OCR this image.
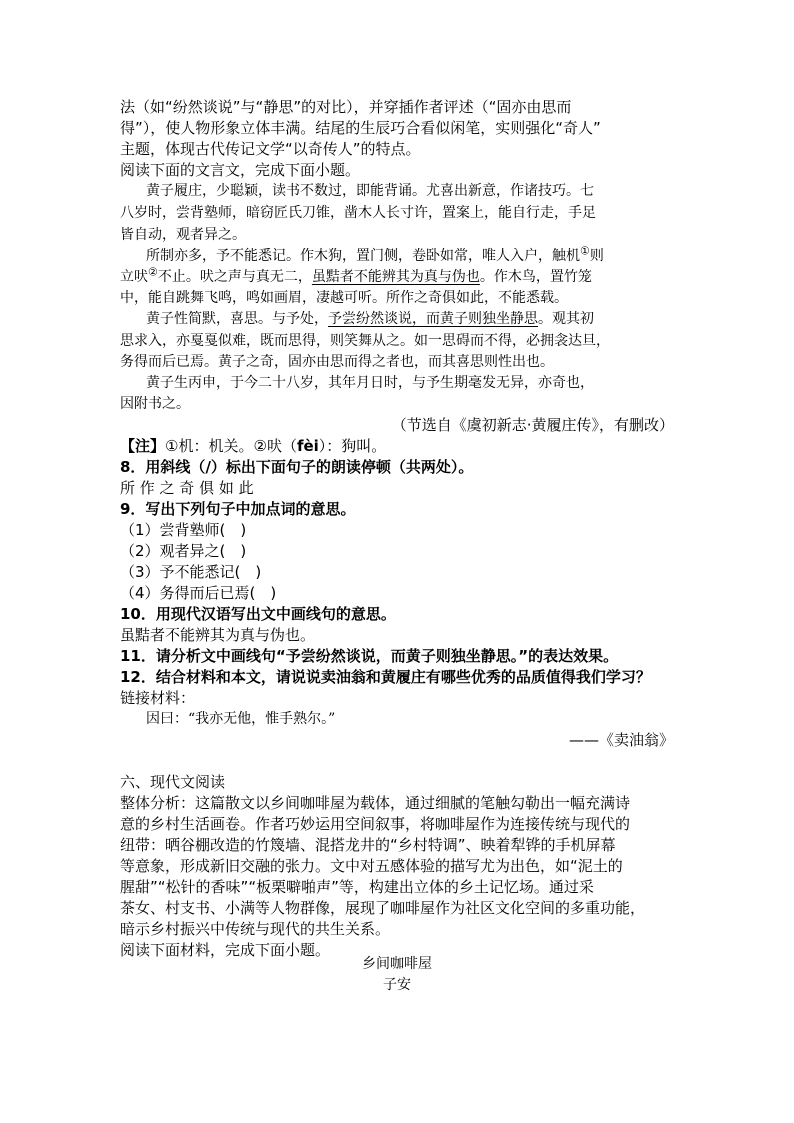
法（如“纷然谈说”与“静思”的对比），并穿插作者评述（“固亦由思而
得”），使人物形象立体丰满。结尾的生辰巧合看似闲笔，实则强化“奇人”
主题，体现古代传记文学“以奇传人”的特点。
阅读下面的文言文，完成下面小题。
黄子履庄，少聪颖，读书不数过，即能背诵。尤喜出新意，作诸技巧。七
八岁时，尝背塾师，暗窃匠氏刀锥，凿木人长寸许，置案上，能自行走，手足
皆自动，观者异之。
所制亦多，予不能悉记。作木狗，置门侧，卷卧如常，唯人入户，触机①则
立吠②不止。吠之声与真无二，虽黠者不能辨其为真与伪也。作木鸟，置竹笼
中，能自跳舞飞鸣，鸣如画眉，凄越可听。所作之奇俱如此，不能悉载。
黄子性简默，喜思。与予处，予尝纷然谈说，而黄子则独坐静思。观其初
思求入，亦戛戛似难，既而思得，则笑舞从之。如一思碍而不得，必拥衾达旦，
务得而后已焉。黄子之奇，固亦由思而得之者也，而其喜思则性出也。
黄子生丙申，于今二十八岁，其年月日时，与予生期毫发无异，亦奇也，
因附书之。
（节选自《虞初新志·黄履庄传》，有删改）
【注】①机：机关。②吠（fèi）：狗叫。
8．用斜线（/）标出下面句子的朗读停顿（共两处）。
所 作 之 奇 俱 如 此
9．写出下列句子中加点词的意思。
（1）尝背塾师(　)
（2）观者异之(　)
（3）予不能悉记(　)
（4）务得而后已焉(　)
10．用现代汉语写出文中画线句的意思。
虽黠者不能辨其为真与伪也。
11．请分析文中画线句“予尝纷然谈说，而黄子则独坐静思。”的表达效果。
12．结合材料和本文，请说说卖油翁和黄履庄有哪些优秀的品质值得我们学习？
链接材料：
因曰：“我亦无他，惟手熟尔。”
——《卖油翁》
六、现代文阅读
整体分析：这篇散文以乡间咖啡屋为载体，通过细腻的笔触勾勒出一幅充满诗
意的乡村生活画卷。作者巧妙运用空间叙事，将咖啡屋作为连接传统与现代的
纽带：晒谷棚改造的竹篾墙、混搭龙井的“乡村特调”、映着犁铧的手机屏幕
等意象，形成新旧交融的张力。文中对五感体验的描写尤为出色，如“泥土的
腥甜”“松针的香味”“板栗噼啪声”等，构建出立体的乡土记忆场。通过采
茶女、村支书、小满等人物群像，展现了咖啡屋作为社区文化空间的多重功能，
暗示乡村振兴中传统与现代的共生关系。
阅读下面材料，完成下面小题。
乡间咖啡屋
子安
